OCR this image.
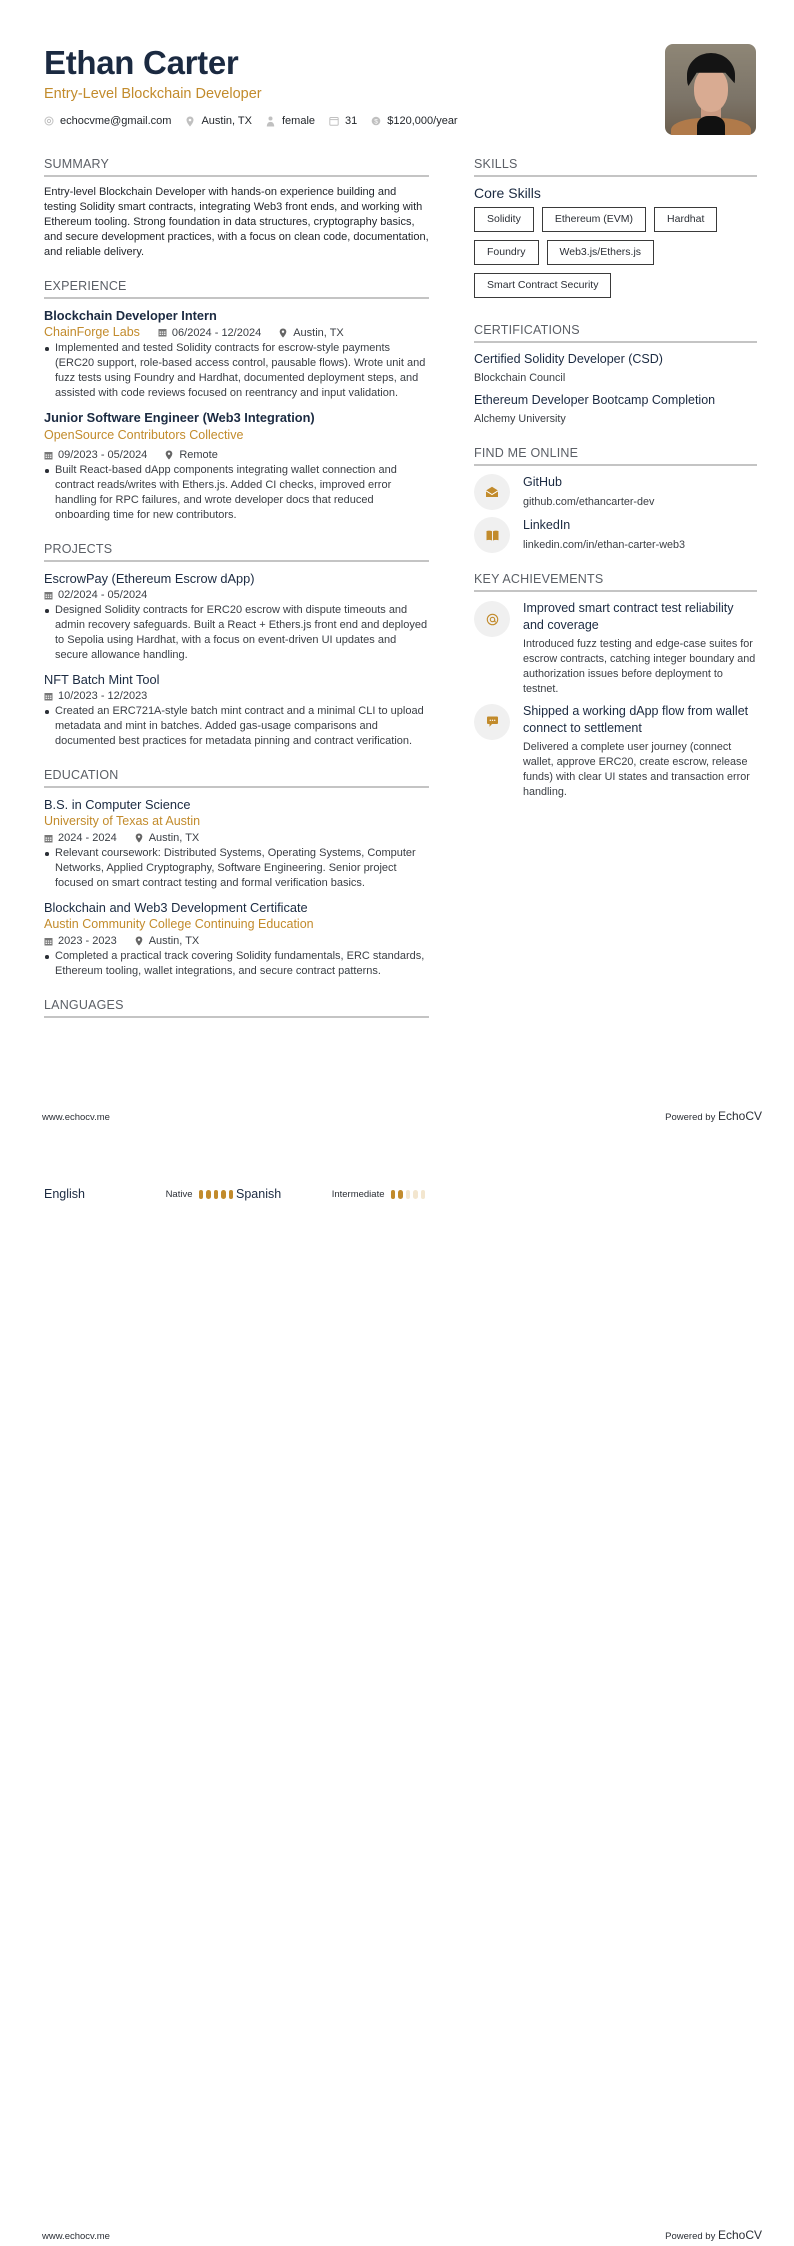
Ethan Carter
Entry-Level Blockchain Developer
echocvme@gmail.com	Austin, TX	female	31	$ $120,000/year
SUMMARY
Entry-level Blockchain Developer with hands-on experience building and testing Solidity smart contracts, integrating Web3 front ends, and working with Ethereum tooling. Strong foundation in data structures, cryptography basics, and secure development practices, with a focus on clean code, documentation, and reliable delivery.
EXPERIENCE
Blockchain Developer Intern
ChainForge Labs	06/2024 - 12/2024	Austin, TX
Implemented and tested Solidity contracts for escrow-style payments (ERC20 support, role-based access control, pausable flows). Wrote unit and fuzz tests using Foundry and Hardhat, documented deployment steps, and assisted with code reviews focused on reentrancy and input validation.
Junior Software Engineer (Web3 Integration)
OpenSource Contributors Collective
09/2023 - 05/2024	Remote
Built React-based dApp components integrating wallet connection and contract reads/writes with Ethers.js. Added CI checks, improved error handling for RPC failures, and wrote developer docs that reduced onboarding time for new contributors.
PROJECTS
EscrowPay (Ethereum Escrow dApp)
02/2024 - 05/2024
Designed Solidity contracts for ERC20 escrow with dispute timeouts and admin recovery safeguards. Built a React + Ethers.js front end and deployed to Sepolia using Hardhat, with a focus on event-driven UI updates and secure allowance handling.
NFT Batch Mint Tool
10/2023 - 12/2023
Created an ERC721A-style batch mint contract and a minimal CLI to upload metadata and mint in batches. Added gas-usage comparisons and documented best practices for metadata pinning and contract verification.
EDUCATION
B.S. in Computer Science
University of Texas at Austin
2024 - 2024	Austin, TX
Relevant coursework: Distributed Systems, Operating Systems, Computer Networks, Applied Cryptography, Software Engineering. Senior project focused on smart contract testing and formal verification basics.
Blockchain and Web3 Development Certificate
Austin Community College Continuing Education
2023 - 2023	Austin, TX
Completed a practical track covering Solidity fundamentals, ERC standards, Ethereum tooling, wallet integrations, and secure contract patterns.
LANGUAGES
SKILLS
Core Skills
Solidity	Ethereum (EVM)	Hardhat
Foundry	Web3.js/Ethers.js
Smart Contract Security
CERTIFICATIONS
Certified Solidity Developer (CSD)
Blockchain Council
Ethereum Developer Bootcamp Completion
Alchemy University
FIND ME ONLINE
GitHub
github.com/ethancarter-dev
LinkedIn
linkedin.com/in/ethan-carter-web3
KEY ACHIEVEMENTS
Improved smart contract test reliability and coverage
Introduced fuzz testing and edge-case suites for escrow contracts, catching integer boundary and authorization issues before deployment to testnet.
Shipped a working dApp flow from wallet connect to settlement
Delivered a complete user journey (connect wallet, approve ERC20, create escrow, release funds) with clear UI states and transaction error handling.
www.echocv.me	Powered by EchoCV
English	Native	Spanish	Intermediate
www.echocv.me	Powered by EchoCV
